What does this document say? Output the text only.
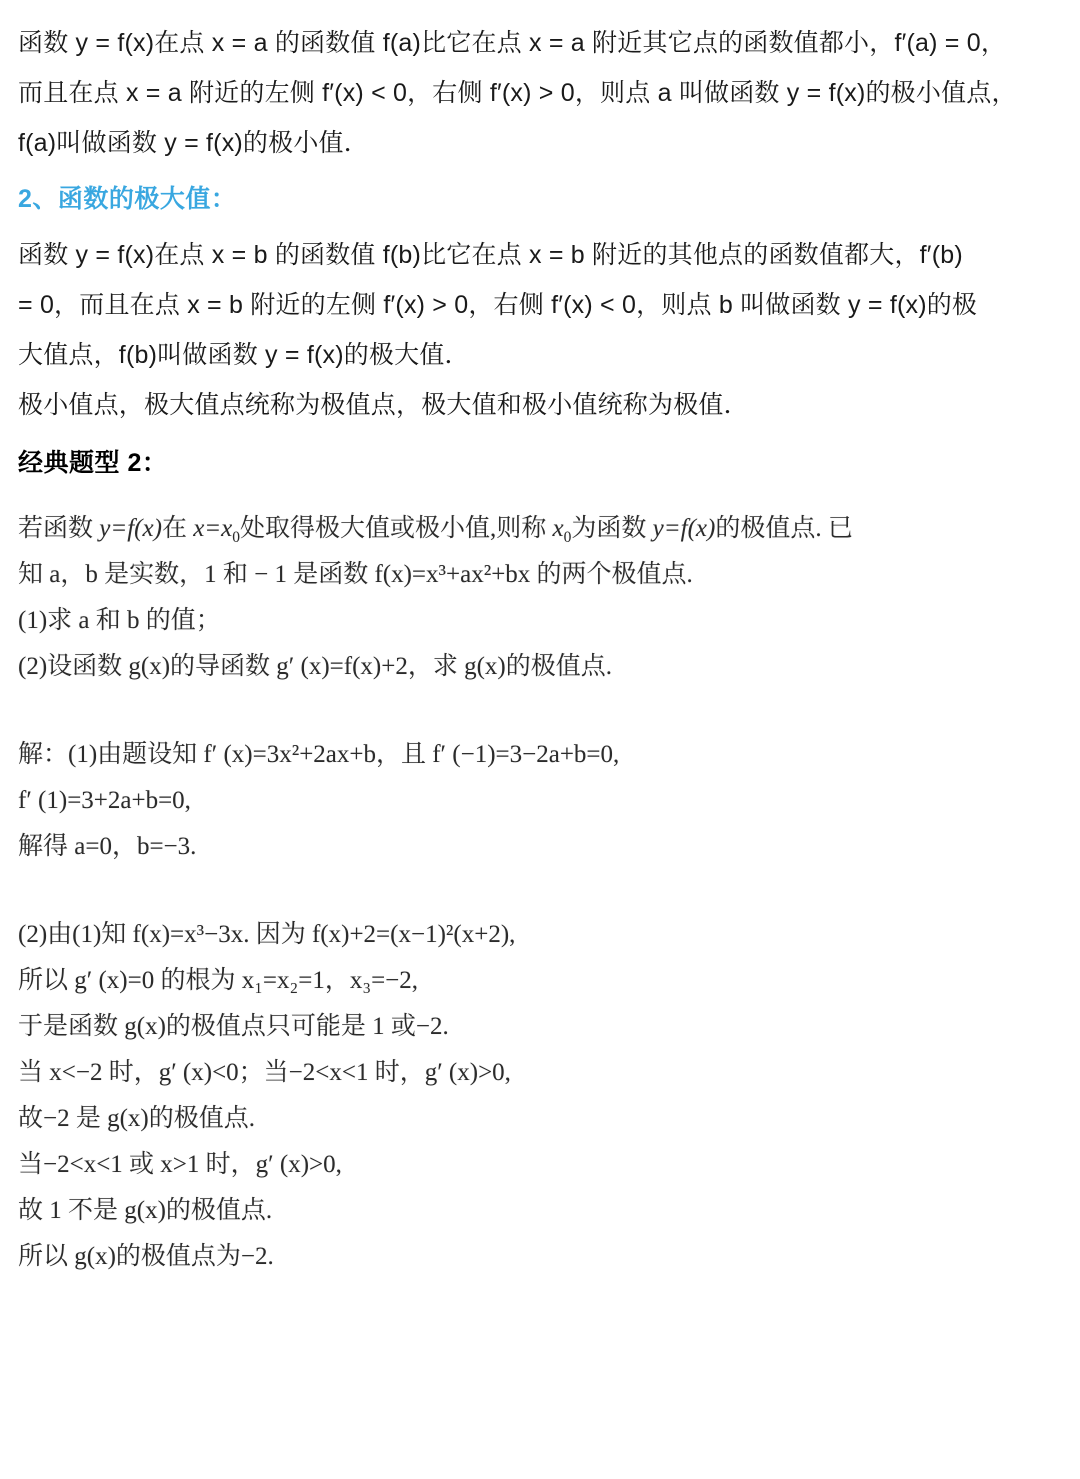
函数 y = f(x)在点 x = a 的函数值 f(a)比它在点 x = a 附近其它点的函数值都小，f′(a) = 0，

而且在点 x = a 附近的左侧 f′(x) < 0，右侧 f′(x) > 0，则点 a 叫做函数 y = f(x)的极小值点，

f(a)叫做函数 y = f(x)的极小值．

2、函数的极大值：

函数 y = f(x)在点 x = b 的函数值 f(b)比它在点 x = b 附近的其他点的函数值都大，f′(b)

= 0，而且在点 x = b 附近的左侧 f′(x) > 0，右侧 f′(x) < 0，则点 b 叫做函数 y = f(x)的极

大值点，f(b)叫做函数 y = f(x)的极大值．

极小值点，极大值点统称为极值点，极大值和极小值统称为极值．

经典题型 2：

若函数 y=f(x)在 $x=x_0$处取得极大值或极小值,则称 $x_0$为函数 y=f(x)的极值点. 已

知 a，b 是实数，1 和 − 1 是函数 f(x)=x³+ax²+bx 的两个极值点.

(1)求 a 和 b 的值；

(2)设函数 g(x)的导函数 g′ (x)=f(x)+2，求 g(x)的极值点.

解：(1)由题设知 f′ (x)=3x²+2ax+b，且 f′ (−1)=3−2a+b=0,

f′ (1)=3+2a+b=0,

解得 a=0，b=−3.

(2)由(1)知 f(x)=x³−3x. 因为 f(x)+2=(x−1)²(x+2),

所以 g′ (x)=0 的根为 x₁=x₂=1，x₃=−2,

于是函数 g(x)的极值点只可能是 1 或−2.

当 x<−2 时，g′ (x)<0；当−2<x<1 时，g′ (x)>0,

故−2 是 g(x)的极值点.

当−2<x<1 或 x>1 时，g′ (x)>0,

故 1 不是 g(x)的极值点.

所以 g(x)的极值点为−2.
